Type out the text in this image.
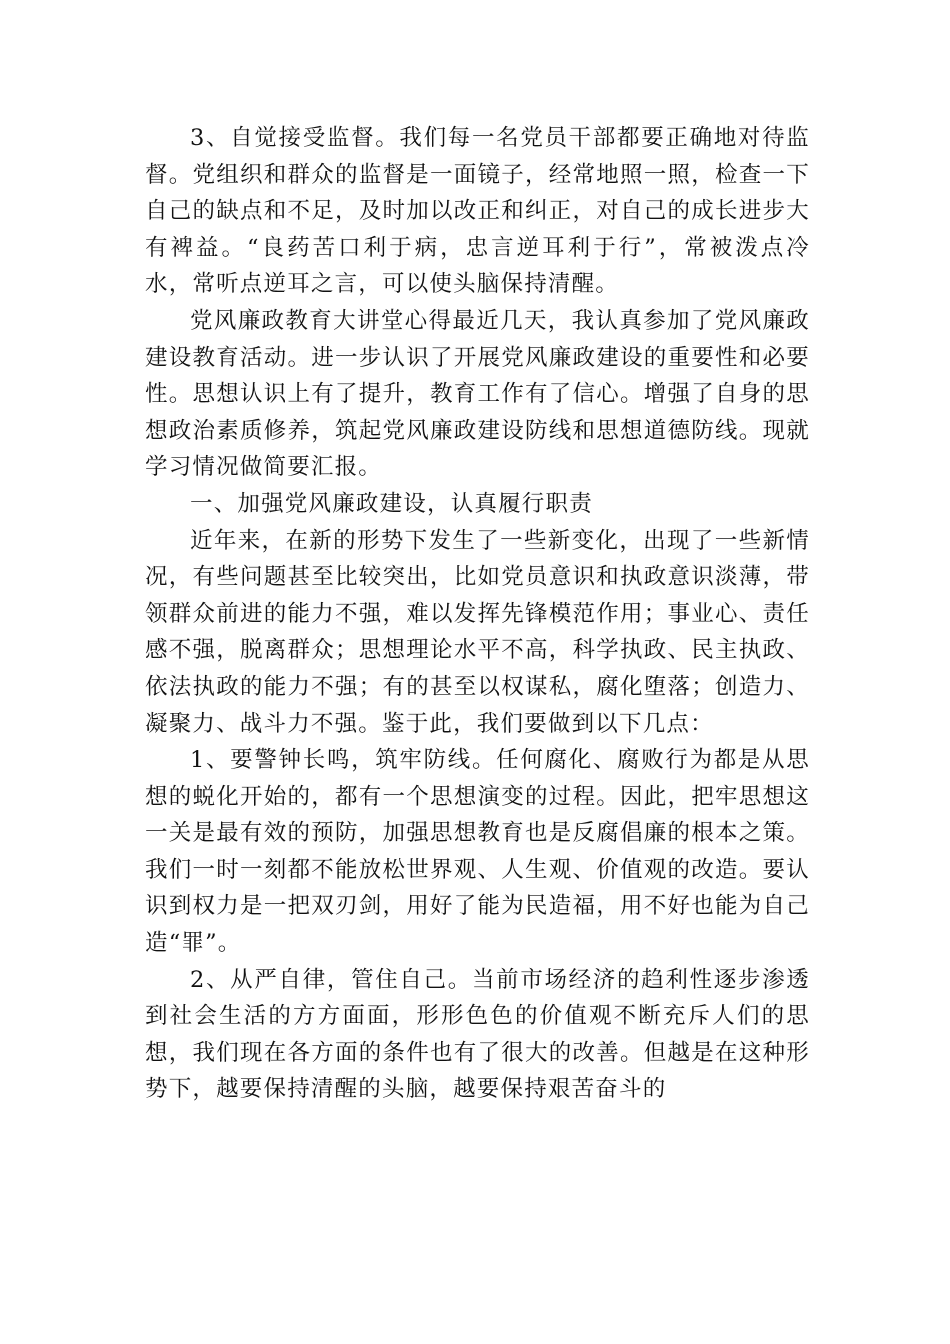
3、自觉接受监督。我们每一名党员干部都要正确地对待监督。党组织和群众的监督是一面镜子，经常地照一照，检查一下自己的缺点和不足，及时加以改正和纠正，对自己的成长进步大有裨益。“良药苦口利于病，忠言逆耳利于行”，常被泼点冷水，常听点逆耳之言，可以使头脑保持清醒。

党风廉政教育大讲堂心得最近几天，我认真参加了党风廉政建设教育活动。进一步认识了开展党风廉政建设的重要性和必要性。思想认识上有了提升，教育工作有了信心。增强了自身的思想政治素质修养，筑起党风廉政建设防线和思想道德防线。现就学习情况做简要汇报。

一、加强党风廉政建设，认真履行职责

近年来，在新的形势下发生了一些新变化，出现了一些新情况，有些问题甚至比较突出，比如党员意识和执政意识淡薄，带领群众前进的能力不强，难以发挥先锋模范作用；事业心、责任感不强，脱离群众；思想理论水平不高，科学执政、民主执政、依法执政的能力不强；有的甚至以权谋私，腐化堕落；创造力、凝聚力、战斗力不强。鉴于此，我们要做到以下几点：

1、要警钟长鸣，筑牢防线。任何腐化、腐败行为都是从思想的蜕化开始的，都有一个思想演变的过程。因此，把牢思想这一关是最有效的预防，加强思想教育也是反腐倡廉的根本之策。我们一时一刻都不能放松世界观、人生观、价值观的改造。要认识到权力是一把双刃剑，用好了能为民造福，用不好也能为自己造“罪”。

2、从严自律，管住自己。当前市场经济的趋利性逐步渗透到社会生活的方方面面，形形色色的价值观不断充斥人们的思想，我们现在各方面的条件也有了很大的改善。但越是在这种形势下，越要保持清醒的头脑，越要保持艰苦奋斗的
